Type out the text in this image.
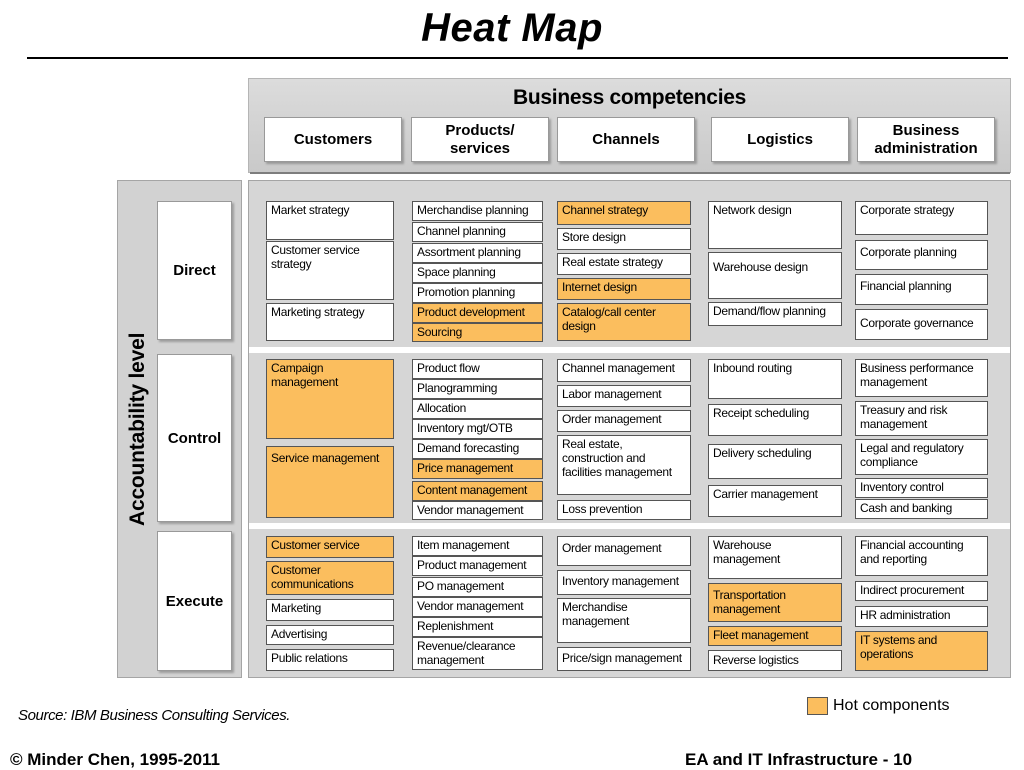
Heat Map
Business competencies
Customers
Products/
services
Channels	Logistics
Business
administration
Accountability level
Direct
Control
Execute
Market strategy
Customer service
strategy
Marketing strategy
Merchandise planning
Channel planning
Assortment planning
Space planning
Promotion planning
Product development
Sourcing
Channel strategy
Store design
Real estate strategy
Internet design
Catalog/call center
design
Network design
Warehouse design
Demand/flow planning
Corporate strategy
Corporate planning
Financial planning
Corporate governance
Campaign
management
Service management
Product flow
Planogramming
Allocation
Inventory mgt/OTB
Demand forecasting
Price management
Content management
Vendor management
Channel management
Labor management
Order management
Real estate,
construction and
facilities management
Loss prevention
Inbound routing
Receipt scheduling
Delivery scheduling
Carrier management
Business performance
management
Treasury and risk
management
Legal and regulatory
compliance
Inventory control
Cash and banking
Customer service
Customer
communications
Marketing
Advertising
Public relations
Item management
Product management
PO management
Vendor management
Replenishment
Revenue/clearance
management
Order management
Inventory management
Merchandise
management
Price/sign management
Warehouse
management
Transportation
management
Fleet management
Reverse logistics
Financial accounting
and reporting
Indirect procurement
HR administration
IT systems and
operations
Source: IBM Business Consulting Services.
Hot components
© Minder Chen, 1995-2011	EA and IT Infrastructure - 10
